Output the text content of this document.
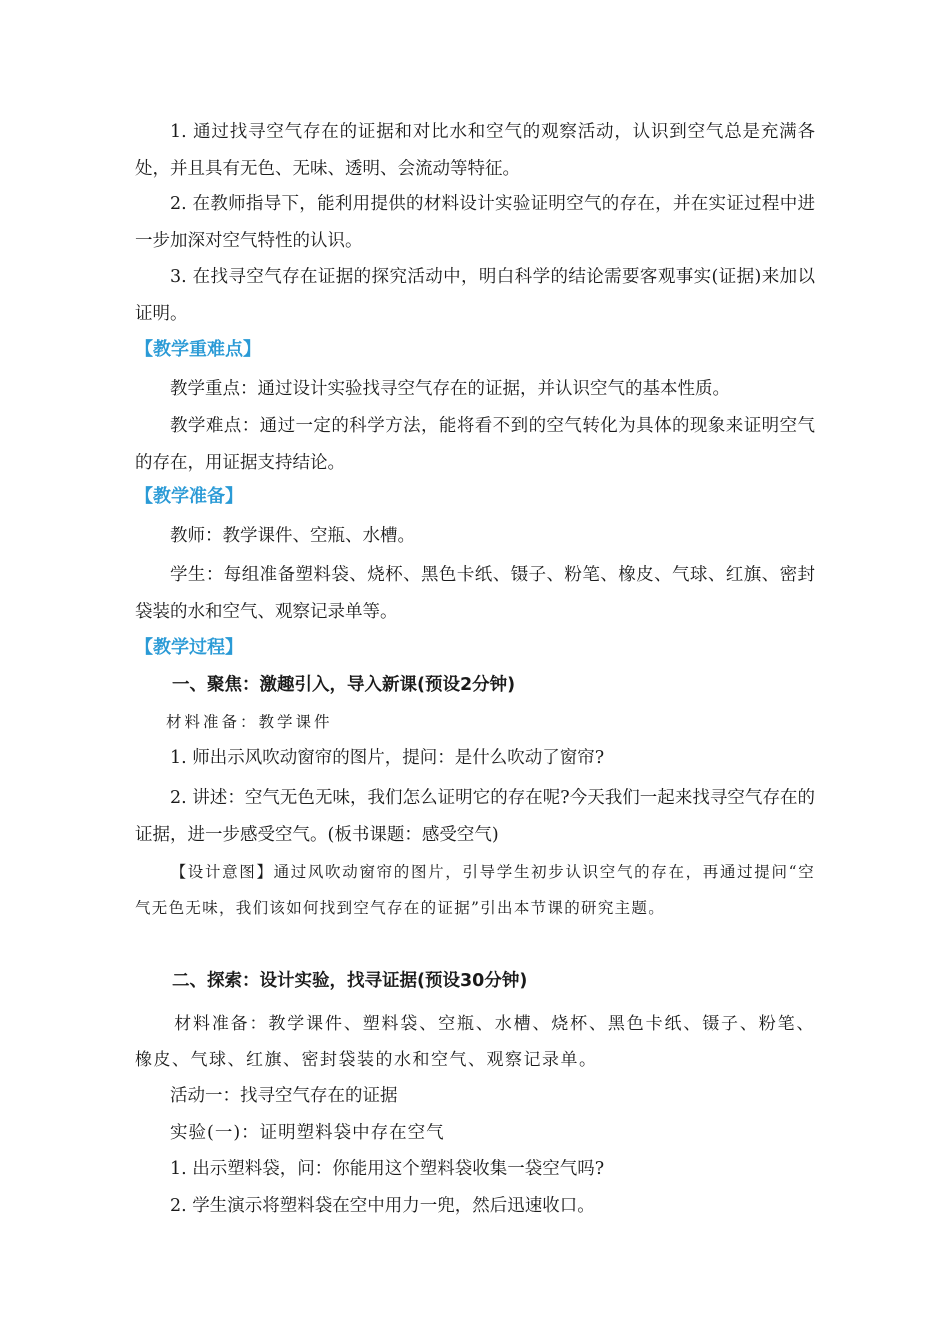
1. 通过找寻空气存在的证据和对比水和空气的观察活动，认识到空气总是充满各处，并且具有无色、无味、透明、会流动等特征。

2. 在教师指导下，能利用提供的材料设计实验证明空气的存在，并在实证过程中进一步加深对空气特性的认识。

3. 在找寻空气存在证据的探究活动中，明白科学的结论需要客观事实(证据)来加以证明。

【教学重难点】

教学重点：通过设计实验找寻空气存在的证据，并认识空气的基本性质。

教学难点：通过一定的科学方法，能将看不到的空气转化为具体的现象来证明空气的存在，用证据支持结论。

【教学准备】

教师：教学课件、空瓶、水槽。

学生：每组准备塑料袋、烧杯、黑色卡纸、镊子、粉笔、橡皮、气球、红旗、密封袋装的水和空气、观察记录单等。

【教学过程】

一、聚焦：激趣引入，导入新课(预设2分钟)

材料准备：教学课件

1. 师出示风吹动窗帘的图片，提问：是什么吹动了窗帘?

2. 讲述：空气无色无味，我们怎么证明它的存在呢?今天我们一起来找寻空气存在的证据，进一步感受空气。(板书课题：感受空气)

【设计意图】通过风吹动窗帘的图片，引导学生初步认识空气的存在，再通过提问“空气无色无味，我们该如何找到空气存在的证据”引出本节课的研究主题。

二、探索：设计实验，找寻证据(预设30分钟)

材料准备：教学课件、塑料袋、空瓶、水槽、烧杯、黑色卡纸、镊子、粉笔、橡皮、气球、红旗、密封袋装的水和空气、观察记录单。

活动一：找寻空气存在的证据

实验(一)：证明塑料袋中存在空气

1. 出示塑料袋，问：你能用这个塑料袋收集一袋空气吗?

2. 学生演示将塑料袋在空中用力一兜，然后迅速收口。
